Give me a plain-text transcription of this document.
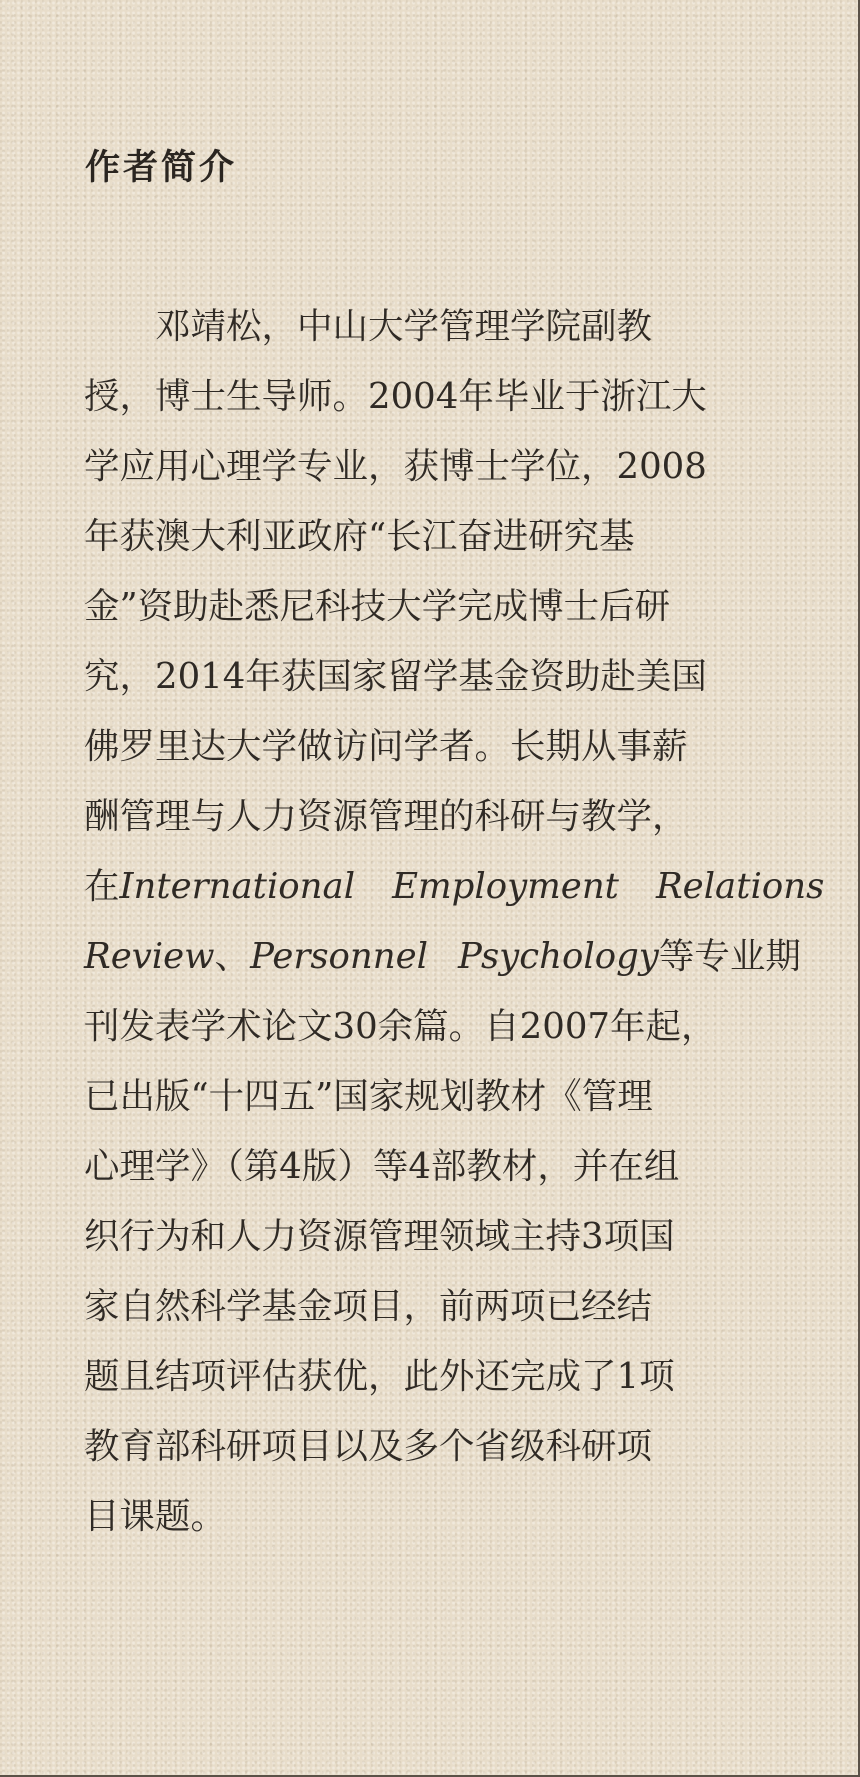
作者简介
　　邓靖松，中山大学管理学院副教
授，博士生导师。2004年毕业于浙江大
学应用心理学专业，获博士学位，2008
年获澳大利亚政府“长江奋进研究基
金”资助赴悉尼科技大学完成博士后研
究，2014年获国家留学基金资助赴美国
佛罗里达大学做访问学者。长期从事薪
酬管理与人力资源管理的科研与教学，
在International Employment Relations
Review、Personnel Psychology等专业期
刊发表学术论文30余篇。自2007年起，
已出版“十四五”国家规划教材《管理
心理学》（第4版）等4部教材，并在组
织行为和人力资源管理领域主持3项国
家自然科学基金项目，前两项已经结
题且结项评估获优，此外还完成了1项
教育部科研项目以及多个省级科研项
目课题。
